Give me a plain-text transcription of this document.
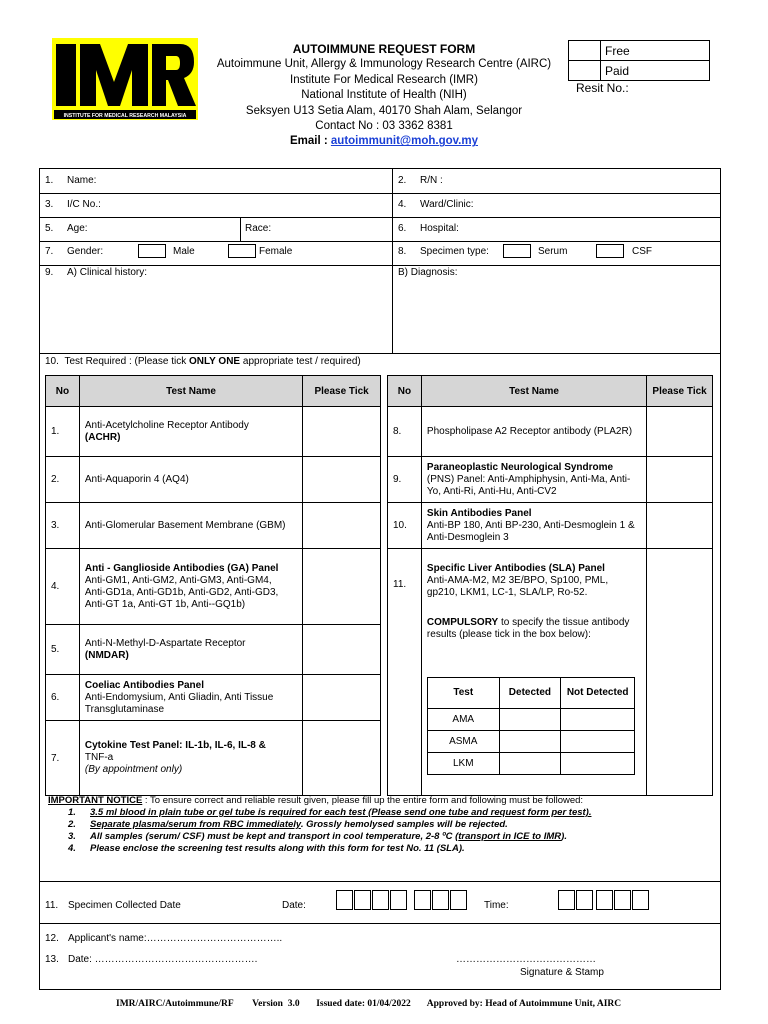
INSTITUTE FOR MEDICAL RESEARCH MALAYSIA
AUTOIMMUNE REQUEST FORM
Autoimmune Unit, Allergy & Immunology Research Centre (AIRC)
Institute For Medical Research (IMR)
National Institute of Health (NIH)
Seksyen U13 Setia Alam, 40170 Shah Alam, Selangor
Contact No : 03 3362 8381
Email : autoimmunit@moh.gov.my
	Free
	Paid
Resit No.:
1. Name:	2. R/N :
3. I/C No.:	4. Ward/Clinic:
5. Age:	Race:	6. Hospital:
7. Gender:	Male	Female	8. Specimen type:	Serum	CSF
9. A) Clinical history:	B) Diagnosis:
10. Test Required : (Please tick ONLY ONE appropriate test / required)
11. Specimen Collected Date	Date:	Time:
12. Applicant's name:…………………………………..
13. Date: ………………………………………….	……………………………………
Signature & Stamp
No	Test Name	Please Tick
1.	Anti-Acetylcholine Receptor Antibody
(ACHR)	
2.	Anti-Aquaporin 4 (AQ4)	
3.	Anti-Glomerular Basement Membrane (GBM)	
4.	Anti - Ganglioside Antibodies (GA) Panel
Anti-GM1, Anti-GM2, Anti-GM3, Anti-GM4,
Anti-GD1a, Anti-GD1b, Anti-GD2, Anti-GD3,
Anti-GT 1a, Anti-GT 1b, Anti--GQ1b)	
5.	Anti-N-Methyl-D-Aspartate Receptor
(NMDAR)	
6.	Coeliac Antibodies Panel
Anti-Endomysium, Anti Gliadin, Anti Tissue
Transglutaminase	
7.	Cytokine Test Panel: IL-1b, IL-6, IL-8 &
TNF-a
(By appointment only)	
No	Test Name	Please Tick
8.	Phospholipase A2 Receptor antibody (PLA2R)	
9.	Paraneoplastic Neurological Syndrome
(PNS) Panel: Anti-Amphiphysin, Anti-Ma, Anti-
Yo, Anti-Ri, Anti-Hu, Anti-CV2	
10.	Skin Antibodies Panel
Anti-BP 180, Anti BP-230, Anti-Desmoglein 1 &
Anti-Desmoglein 3	
11.	Specific Liver Antibodies (SLA) Panel
Anti-AMA-M2, M2 3E/BPO, Sp100, PML,
gp210, LKM1, LC-1, SLA/LP, Ro-52.
COMPULSORY to specify the tissue antibody
results (please tick in the box below):	

Test	Detected	Not Detected
AMA		
ASMA		
LKM		
IMPORTANT NOTICE : To ensure correct and reliable result given, please fill up the entire form and following must be followed:
1. 3.5 ml blood in plain tube or gel tube is required for each test (Please send one tube and request form per test).
2. Separate plasma/serum from RBC immediately. Grossly hemolysed samples will be rejected.
3. All samples (serum/ CSF) must be kept and transport in cool temperature, 2-8 ºC (transport in ICE to IMR).
4. Please enclose the screening test results along with this form for test No. 11 (SLA).
IMR/AIRC/Autoimmune/RF        Version  3.0       Issued date: 01/04/2022       Approved by: Head of Autoimmune Unit, AIRC
